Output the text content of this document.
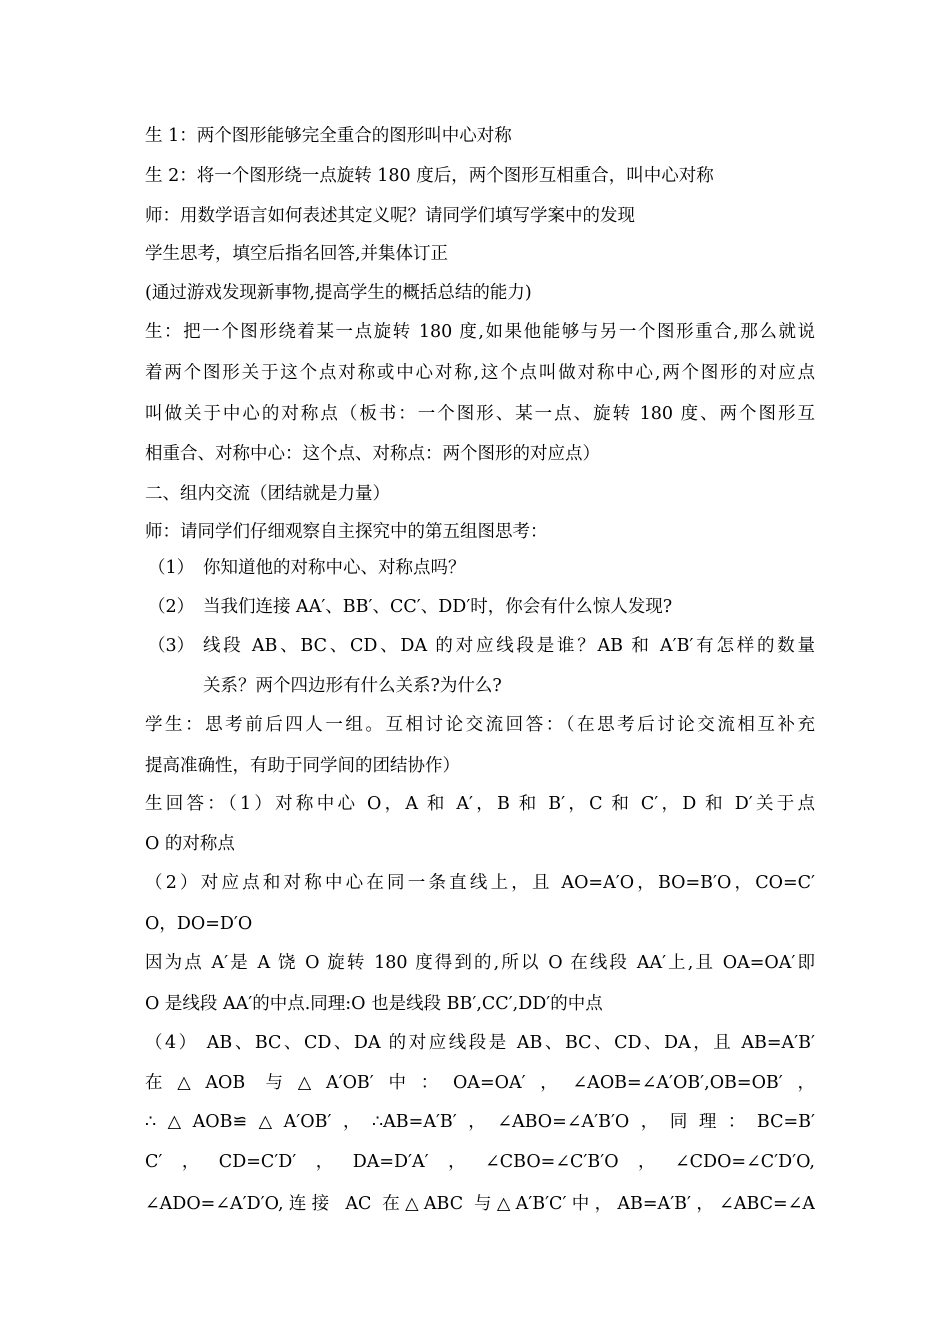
生 1：两个图形能够完全重合的图形叫中心对称
生 2：将一个图形绕一点旋转 180 度后，两个图形互相重合，叫中心对称
师：用数学语言如何表述其定义呢？请同学们填写学案中的发现
学生思考，填空后指名回答,并集体订正
(通过游戏发现新事物,提高学生的概括总结的能力)
生：把一个图形绕着某一点旋转 180 度,如果他能够与另一个图形重合,那么就说
着两个图形关于这个点对称或中心对称,这个点叫做对称中心,两个图形的对应点
叫做关于中心的对称点（板书：一个图形、某一点、旋转 180 度、两个图形互
相重合、对称中心：这个点、对称点：两个图形的对应点）
二、组内交流（团结就是力量）
师：请同学们仔细观察自主探究中的第五组图思考：
（1） 你知道他的对称中心、对称点吗？
（2） 当我们连接 AA′、BB′、CC′、DD′时，你会有什么惊人发现?
（3） 线段 AB、BC、CD、DA 的对应线段是谁？AB 和 A′B′有怎样的数量
关系？两个四边形有什么关系?为什么?
学生：思考前后四人一组。互相讨论交流回答：（在思考后讨论交流相互补充
提高准确性，有助于同学间的团结协作）
生回答：（1）对称中心 O，A 和 A′，B 和 B′，C 和 C′，D 和 D′关于点
O 的对称点
（2）对应点和对称中心在同一条直线上，且 AO=A′O，BO=B′O，CO=C′
O，DO=D′O
因为点 A′是 A 饶 O 旋转 180 度得到的,所以 O 在线段 AA′上,且 OA=OA′即
O 是线段 AA′的中点.同理:O 也是线段 BB′,CC′,DD′的中点
（4） AB、BC、CD、DA 的对应线段是 AB、BC、CD、DA，且 AB=A′B′
在△AOB 与△A′OB′中：OA=OA′，∠AOB=∠A′OB′,OB=OB′，
∴△AOB≌△A′OB′，∴AB=A′B′，∠ABO=∠A′B′O，同理：BC=B′
C′，CD=C′D′，DA=D′A′，∠CBO=∠C′B′O，∠CDO=∠C′D′O,
∠ADO=∠A′D′O,连接 AC 在△ABC 与△A′B′C′中，AB=A′B′，∠ABC=∠A
